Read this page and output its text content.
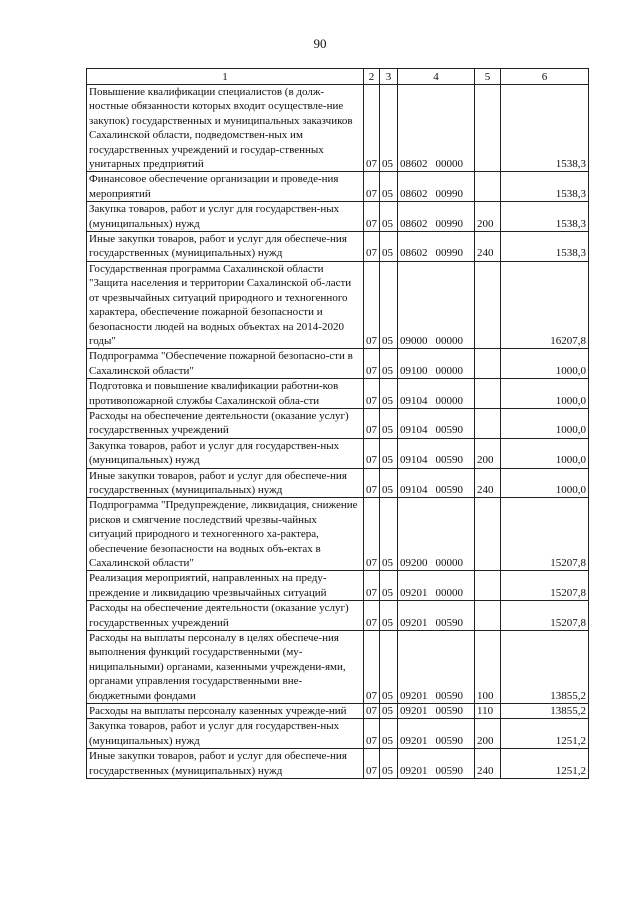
90
1	2	3	4	5	6
Повышение квалификации специалистов (в долж-ностные обязанности которых входит осуществле-ние закупок) государственных и муниципальных заказчиков Сахалинской области, подведомствен-ных им государственных учреждений и государ-ственных унитарных предприятий	07	05	08602 00000		1538,3
Финансовое обеспечение организации и проведе-ния мероприятий	07	05	08602 00990		1538,3
Закупка товаров, работ и услуг для государствен-ных (муниципальных) нужд	07	05	08602 00990	200	1538,3
Иные закупки товаров, работ и услуг для обеспече-ния государственных (муниципальных) нужд	07	05	08602 00990	240	1538,3
Государственная программа Сахалинской области "Защита населения и территории Сахалинской об-ласти от чрезвычайных ситуаций природного и техногенного характера, обеспечение пожарной безопасности и безопасности людей на водных объектах на 2014-2020 годы"	07	05	09000 00000		16207,8
Подпрограмма "Обеспечение пожарной безопасно-сти в Сахалинской области"	07	05	09100 00000		1000,0
Подготовка и повышение квалификации работни-ков противопожарной службы Сахалинской обла-сти	07	05	09104 00000		1000,0
Расходы на обеспечение деятельности (оказание услуг) государственных учреждений	07	05	09104 00590		1000,0
Закупка товаров, работ и услуг для государствен-ных (муниципальных) нужд	07	05	09104 00590	200	1000,0
Иные закупки товаров, работ и услуг для обеспече-ния государственных (муниципальных) нужд	07	05	09104 00590	240	1000,0
Подпрограмма "Предупреждение, ликвидация, снижение рисков и смягчение последствий чрезвы-чайных ситуаций природного и техногенного ха-рактера, обеспечение безопасности на водных объ-ектах в Сахалинской области"	07	05	09200 00000		15207,8
Реализация мероприятий, направленных на преду-преждение и ликвидацию чрезвычайных ситуаций	07	05	09201 00000		15207,8
Расходы на обеспечение деятельности (оказание услуг) государственных учреждений	07	05	09201 00590		15207,8
Расходы на выплаты персоналу в целях обеспече-ния выполнения функций государственными (му-ниципальными) органами, казенными учреждени-ями, органами управления государственными вне-бюджетными фондами	07	05	09201 00590	100	13855,2
Расходы на выплаты персоналу казенных учрежде-ний	07	05	09201 00590	110	13855,2
Закупка товаров, работ и услуг для государствен-ных (муниципальных) нужд	07	05	09201 00590	200	1251,2
Иные закупки товаров, работ и услуг для обеспече-ния государственных (муниципальных) нужд	07	05	09201 00590	240	1251,2
